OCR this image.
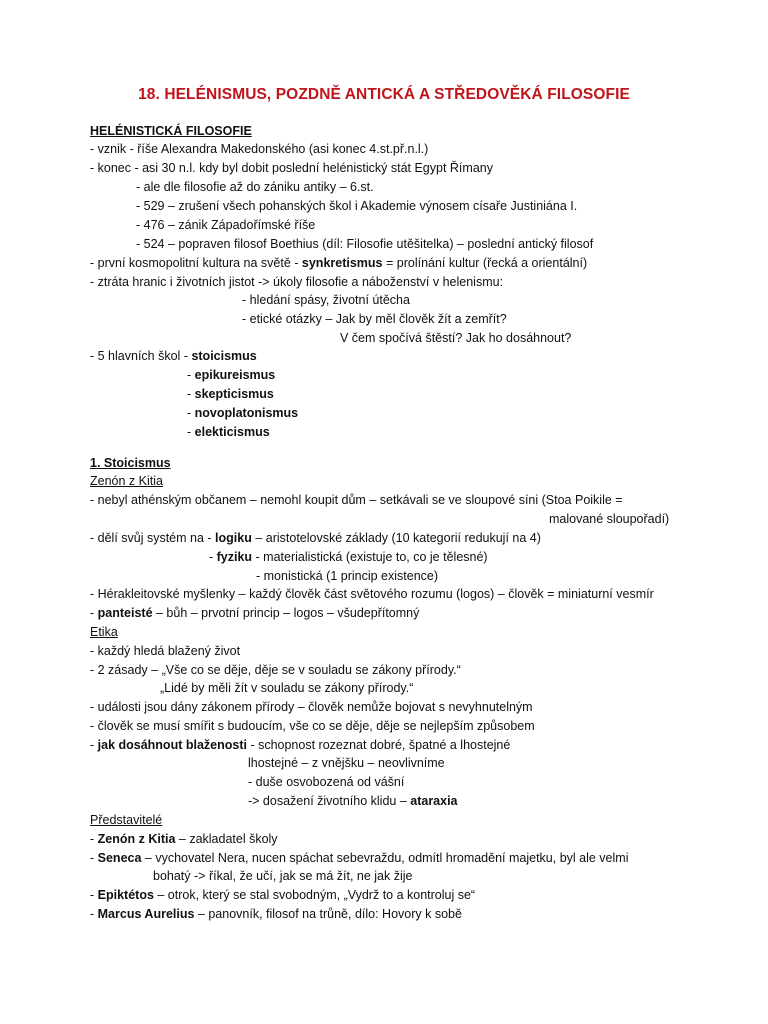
18. HELÉNISMUS, POZDNĚ ANTICKÁ A STŘEDOVĚKÁ FILOSOFIE
HELÉNISTICKÁ FILOSOFIE
- vznik - říše Alexandra Makedonského (asi konec 4.st.př.n.l.)
- konec - asi 30 n.l. kdy byl dobit poslední helénistický stát Egypt Římany
- ale dle filosofie až do zániku antiky – 6.st.
- 529 – zrušení všech pohanských škol i Akademie výnosem císaře Justiniána I.
- 476 – zánik Západořímské říše
- 524 – popraven filosof Boethius (díl: Filosofie utěšitelka) – poslední antický filosof
- první kosmopolitní kultura na světě - synkretismus = prolínání kultur (řecká a orientální)
- ztráta hranic i životních jistot -> úkoly filosofie a náboženství v helenismu:
- hledání spásy, životní útěcha
- etické otázky – Jak by měl člověk žít a zemřít?
V čem spočívá štěstí? Jak ho dosáhnout?
- 5 hlavních škol - stoicismus
- epikureismus
- skepticismus
- novoplatonismus
- elekticismus
1. Stoicismus
Zenón z Kitia
- nebyl athénským občanem – nemohl koupit dům – setkávali se ve sloupové síni (Stoa Poikile =
malované sloupořadí)
- dělí svůj systém na - logiku – aristotelovské základy (10 kategorií redukují na 4)
- fyziku - materialistická (existuje to, co je tělesné)
- monistická (1 princip existence)
- Hérakleitovské myšlenky – každý člověk část světového rozumu (logos) – člověk = miniaturní vesmír
- panteisté – bůh – prvotní princip – logos – všudepřítomný
Etika
- každý hledá blažený život
- 2 zásady – „Vše co se děje, děje se v souladu se zákony přírody.“
„Lidé by měli žít v souladu se zákony přírody.“
- události jsou dány zákonem přírody – člověk nemůže bojovat s nevyhnutelným
- člověk se musí smířit s budoucím, vše co se děje, děje se nejlepším způsobem
- jak dosáhnout blaženosti - schopnost rozeznat dobré, špatné a lhostejné
lhostejné – z vnějšku – neovlivníme
- duše osvobozená od vášní
-> dosažení životního klidu – ataraxia
Představitelé
- Zenón z Kitia – zakladatel školy
- Seneca – vychovatel Nera, nucen spáchat sebevraždu, odmítl hromadění majetku, byl ale velmi
bohatý -> říkal, že učí, jak se má žít, ne jak žije
- Epiktétos – otrok, který se stal svobodným, „Vydrž to a kontroluj se“
- Marcus Aurelius – panovník, filosof na trůně, dílo: Hovory k sobě
